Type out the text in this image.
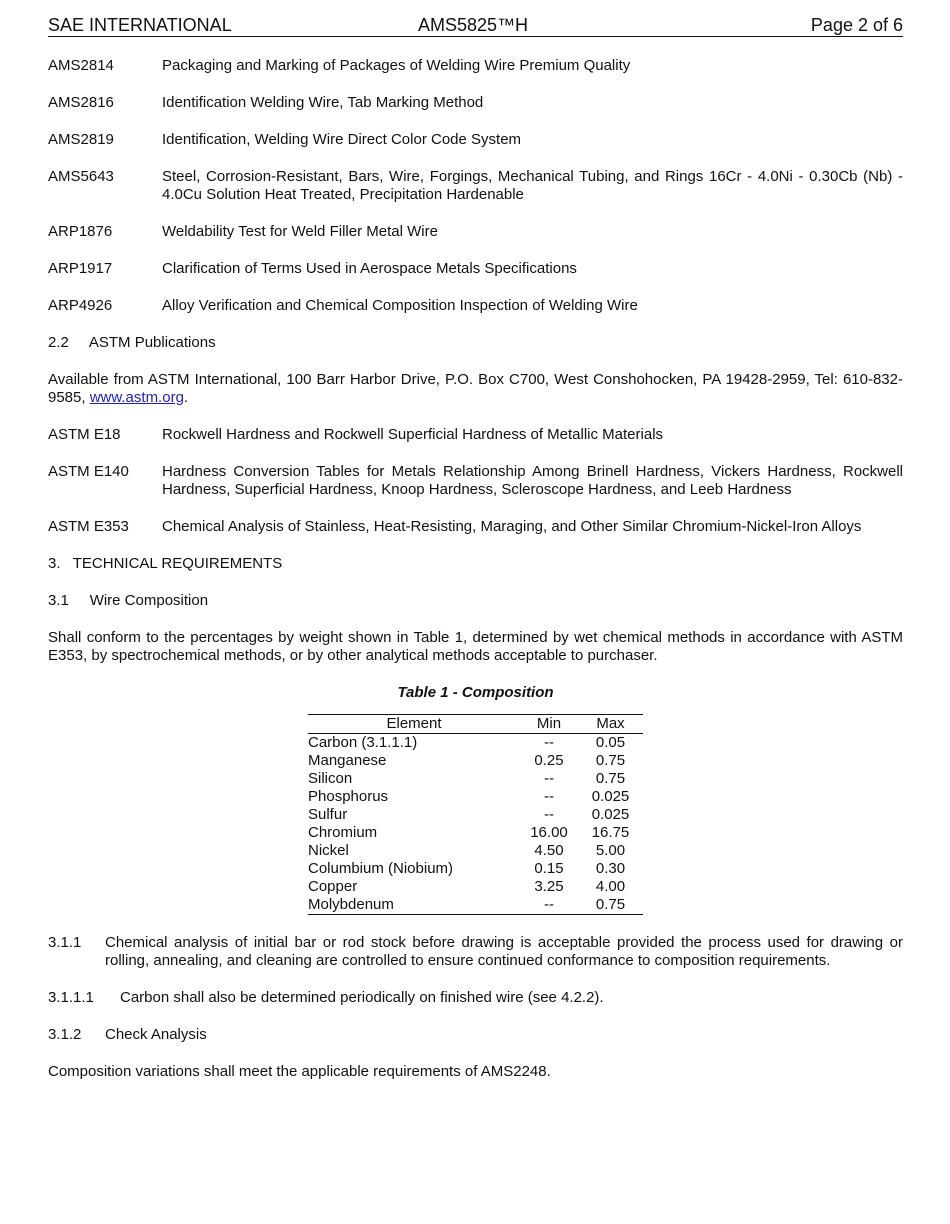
SAE INTERNATIONAL	AMS5825™H	Page 2 of 6
AMS2814	Packaging and Marking of Packages of Welding Wire Premium Quality
AMS2816	Identification Welding Wire, Tab Marking Method
AMS2819	Identification, Welding Wire Direct Color Code System
AMS5643	Steel, Corrosion-Resistant, Bars, Wire, Forgings, Mechanical Tubing, and Rings 16Cr - 4.0Ni - 0.30Cb (Nb) - 4.0Cu Solution Heat Treated, Precipitation Hardenable
ARP1876	Weldability Test for Weld Filler Metal Wire
ARP1917	Clarification of Terms Used in Aerospace Metals Specifications
ARP4926	Alloy Verification and Chemical Composition Inspection of Welding Wire
2.2     ASTM Publications
Available from ASTM International, 100 Barr Harbor Drive, P.O. Box C700, West Conshohocken, PA 19428-2959, Tel: 610-832-9585, www.astm.org.
ASTM E18	Rockwell Hardness and Rockwell Superficial Hardness of Metallic Materials
ASTM E140	Hardness Conversion Tables for Metals Relationship Among Brinell Hardness, Vickers Hardness, Rockwell Hardness, Superficial Hardness, Knoop Hardness, Scleroscope Hardness, and Leeb Hardness
ASTM E353	Chemical Analysis of Stainless, Heat-Resisting, Maraging, and Other Similar Chromium-Nickel-Iron Alloys
3.   TECHNICAL REQUIREMENTS
3.1     Wire Composition
Shall conform to the percentages by weight shown in Table 1, determined by wet chemical methods in accordance with ASTM E353, by spectrochemical methods, or by other analytical methods acceptable to purchaser.
Table 1 - Composition
Element	Min	Max
Carbon (3.1.1.1)	--	0.05
Manganese	0.25	0.75
Silicon	--	0.75
Phosphorus	--	0.025
Sulfur	--	0.025
Chromium	16.00	16.75
Nickel	4.50	5.00
Columbium (Niobium)	0.15	0.30
Copper	3.25	4.00
Molybdenum	--	0.75
3.1.1 Chemical analysis of initial bar or rod stock before drawing is acceptable provided the process used for drawing or rolling, annealing, and cleaning are controlled to ensure continued conformance to composition requirements.
3.1.1.1 Carbon shall also be determined periodically on finished wire (see 4.2.2).
3.1.2 Check Analysis
Composition variations shall meet the applicable requirements of AMS2248.
